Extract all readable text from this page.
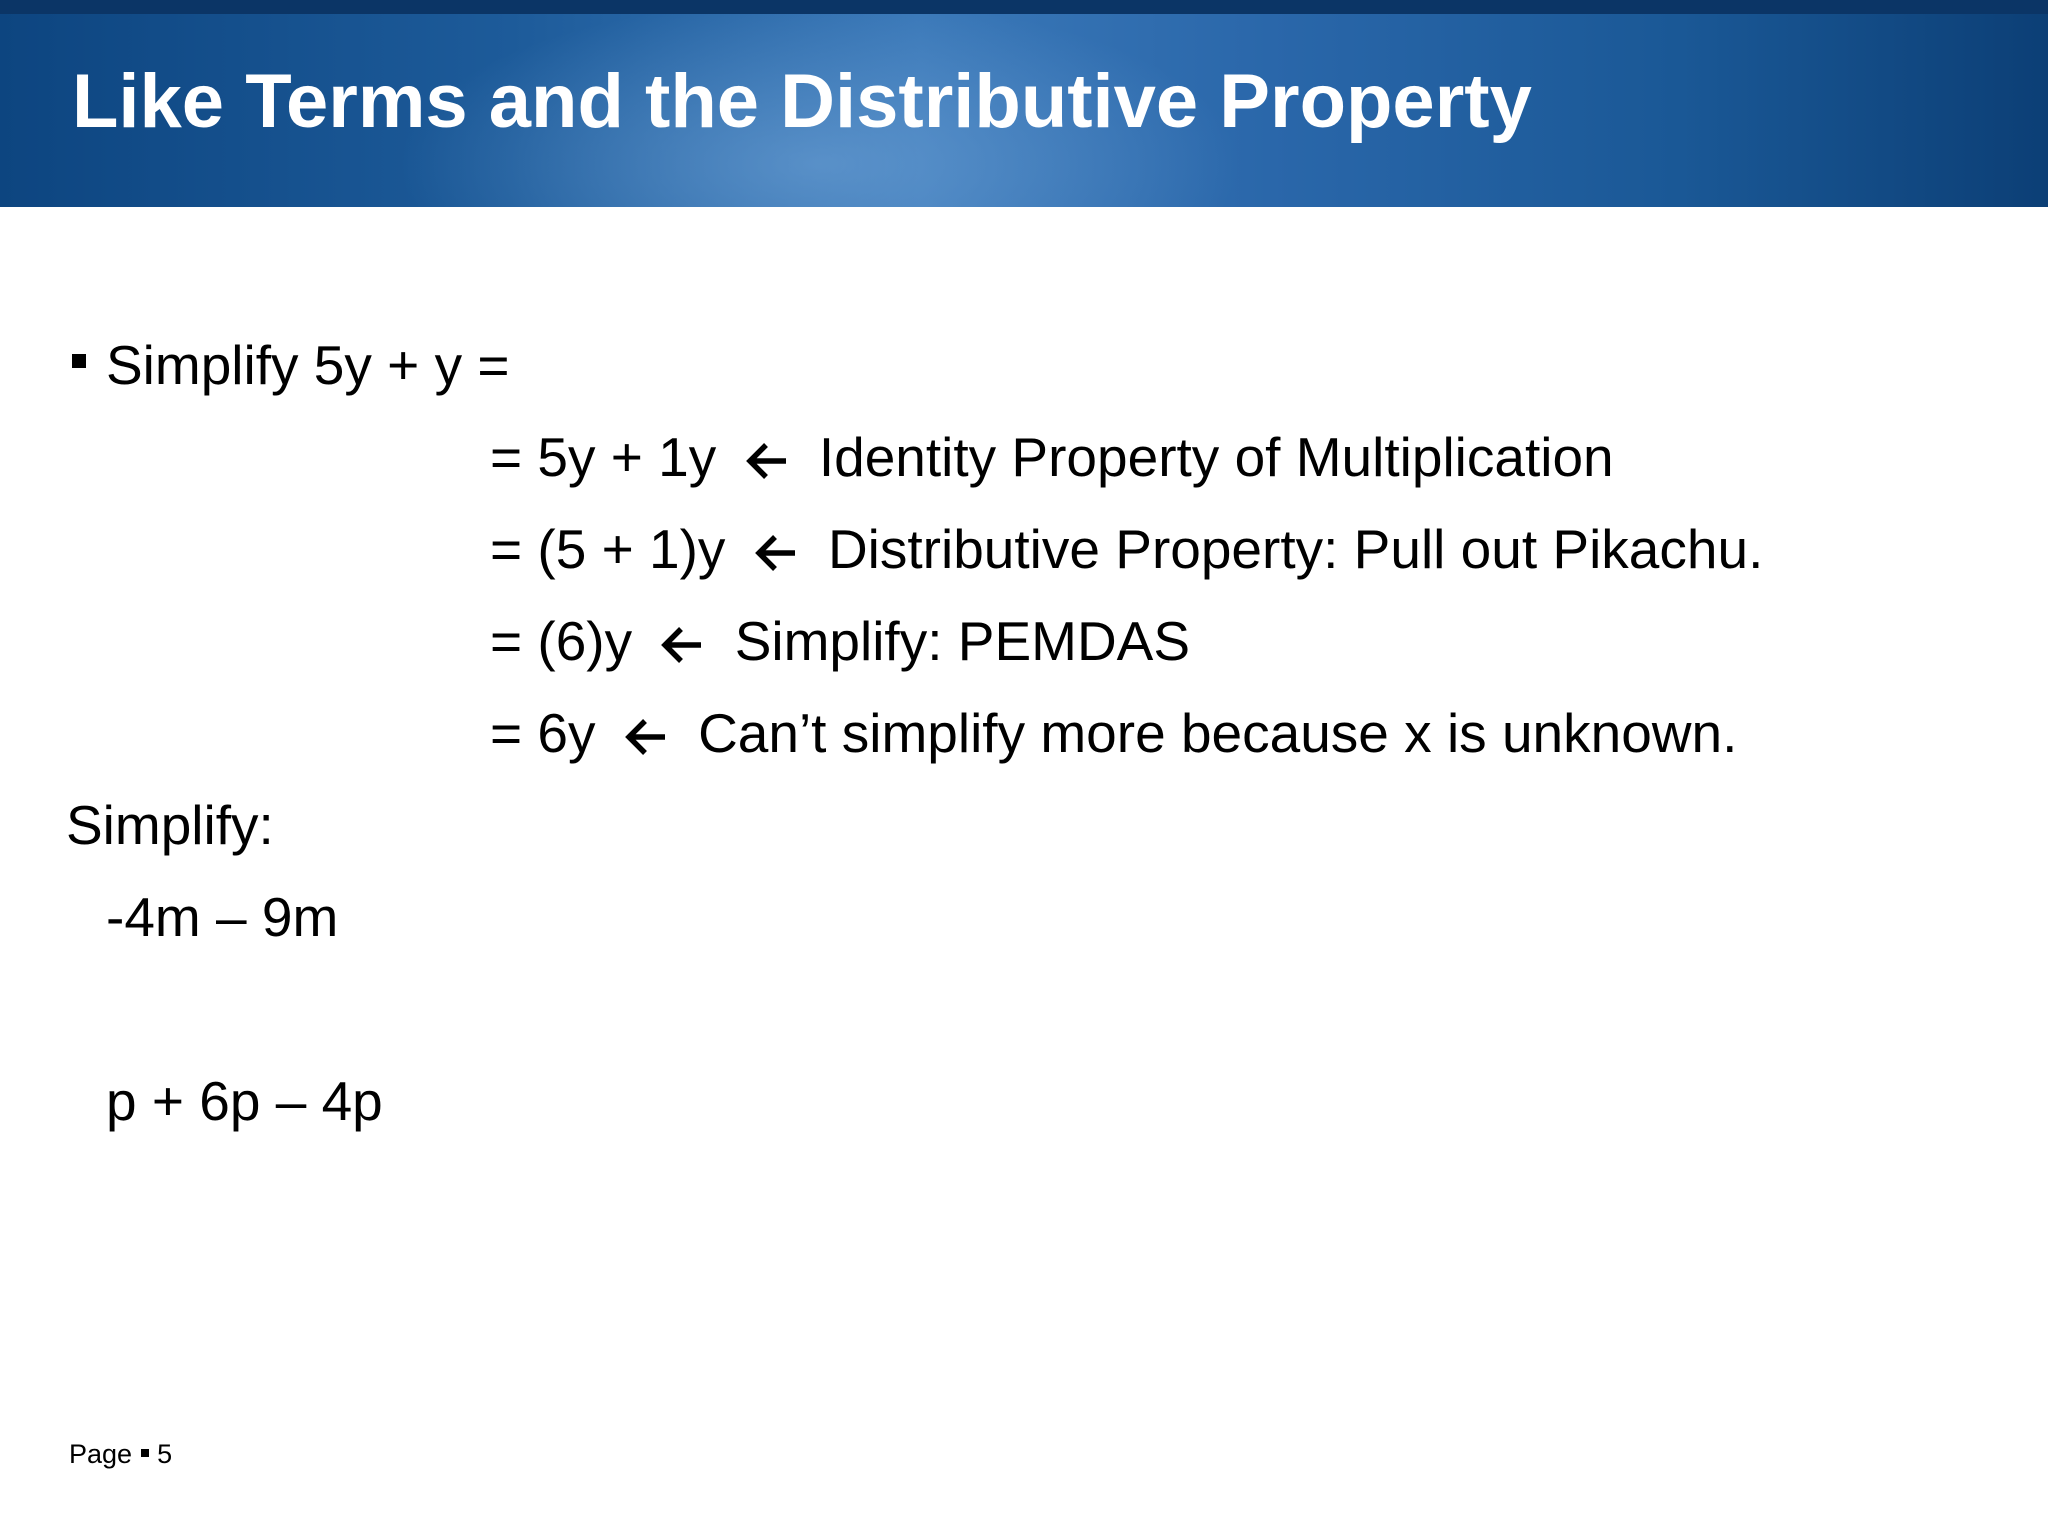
Like Terms and the Distributive Property
Simplify 5y + y =
= 5y + 1y Identity Property of Multiplication
= (5 + 1)y Distributive Property: Pull out Pikachu.
= (6)y Simplify: PEMDAS
= 6y Can’t simplify more because x is unknown.
Simplify:
-4m – 9m
p + 6p – 4p
Page 5
